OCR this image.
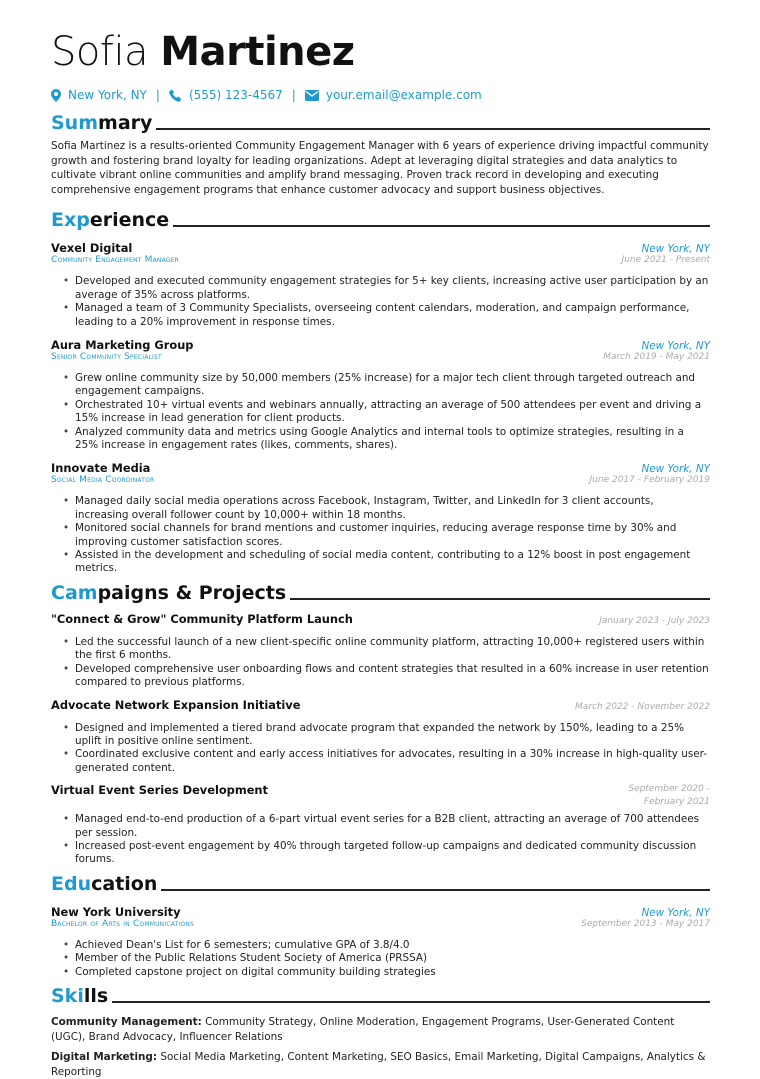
Sofia Martinez
New York, NY | (555) 123-4567 |	your.email@example.com
Summary
Sofia Martinez is a results-oriented Community Engagement Manager with 6 years of experience driving impactful community growth and fostering brand loyalty for leading organizations. Adept at leveraging digital strategies and data analytics to cultivate vibrant online communities and amplify brand messaging. Proven track record in developing and executing comprehensive engagement programs that enhance customer advocacy and support business objectives.
Experience
Vexel Digital	New York, NY
Community Engagement Manager	June 2021 - Present
• Developed and executed community engagement strategies for 5+ key clients, increasing active user participation by an average of 35% across platforms.
• Managed a team of 3 Community Specialists, overseeing content calendars, moderation, and campaign performance, leading to a 20% improvement in response times.
Aura Marketing Group	New York, NY
Senior Community Specialist	March 2019 - May 2021
• Grew online community size by 50,000 members (25% increase) for a major tech client through targeted outreach and engagement campaigns.
• Orchestrated 10+ virtual events and webinars annually, attracting an average of 500 attendees per event and driving a 15% increase in lead generation for client products.
• Analyzed community data and metrics using Google Analytics and internal tools to optimize strategies, resulting in a 25% increase in engagement rates (likes, comments, shares).
Innovate Media	New York, NY
Social Media Coordinator	June 2017 - February 2019
• Managed daily social media operations across Facebook, Instagram, Twitter, and LinkedIn for 3 client accounts, increasing overall follower count by 10,000+ within 18 months.
• Monitored social channels for brand mentions and customer inquiries, reducing average response time by 30% and improving customer satisfaction scores.
• Assisted in the development and scheduling of social media content, contributing to a 12% boost in post engagement metrics.
Campaigns & Projects
"Connect & Grow" Community Platform Launch	January 2023 - July 2023
• Led the successful launch of a new client-specific online community platform, attracting 10,000+ registered users within the first 6 months.
• Developed comprehensive user onboarding flows and content strategies that resulted in a 60% increase in user retention compared to previous platforms.
Advocate Network Expansion Initiative	March 2022 - November 2022
• Designed and implemented a tiered brand advocate program that expanded the network by 150%, leading to a 25% uplift in positive online sentiment.
• Coordinated exclusive content and early access initiatives for advocates, resulting in a 30% increase in high-quality user-generated content.
Virtual Event Series Development	September 2020 - February 2021
• Managed end-to-end production of a 6-part virtual event series for a B2B client, attracting an average of 700 attendees per session.
• Increased post-event engagement by 40% through targeted follow-up campaigns and dedicated community discussion forums.
Education
New York University	New York, NY
Bachelor of Arts in Communications	September 2013 - May 2017
• Achieved Dean's List for 6 semesters; cumulative GPA of 3.8/4.0
• Member of the Public Relations Student Society of America (PRSSA)
• Completed capstone project on digital community building strategies
Skills
Community Management: Community Strategy, Online Moderation, Engagement Programs, User-Generated Content (UGC), Brand Advocacy, Influencer Relations
Digital Marketing: Social Media Marketing, Content Marketing, SEO Basics, Email Marketing, Digital Campaigns, Analytics & Reporting
